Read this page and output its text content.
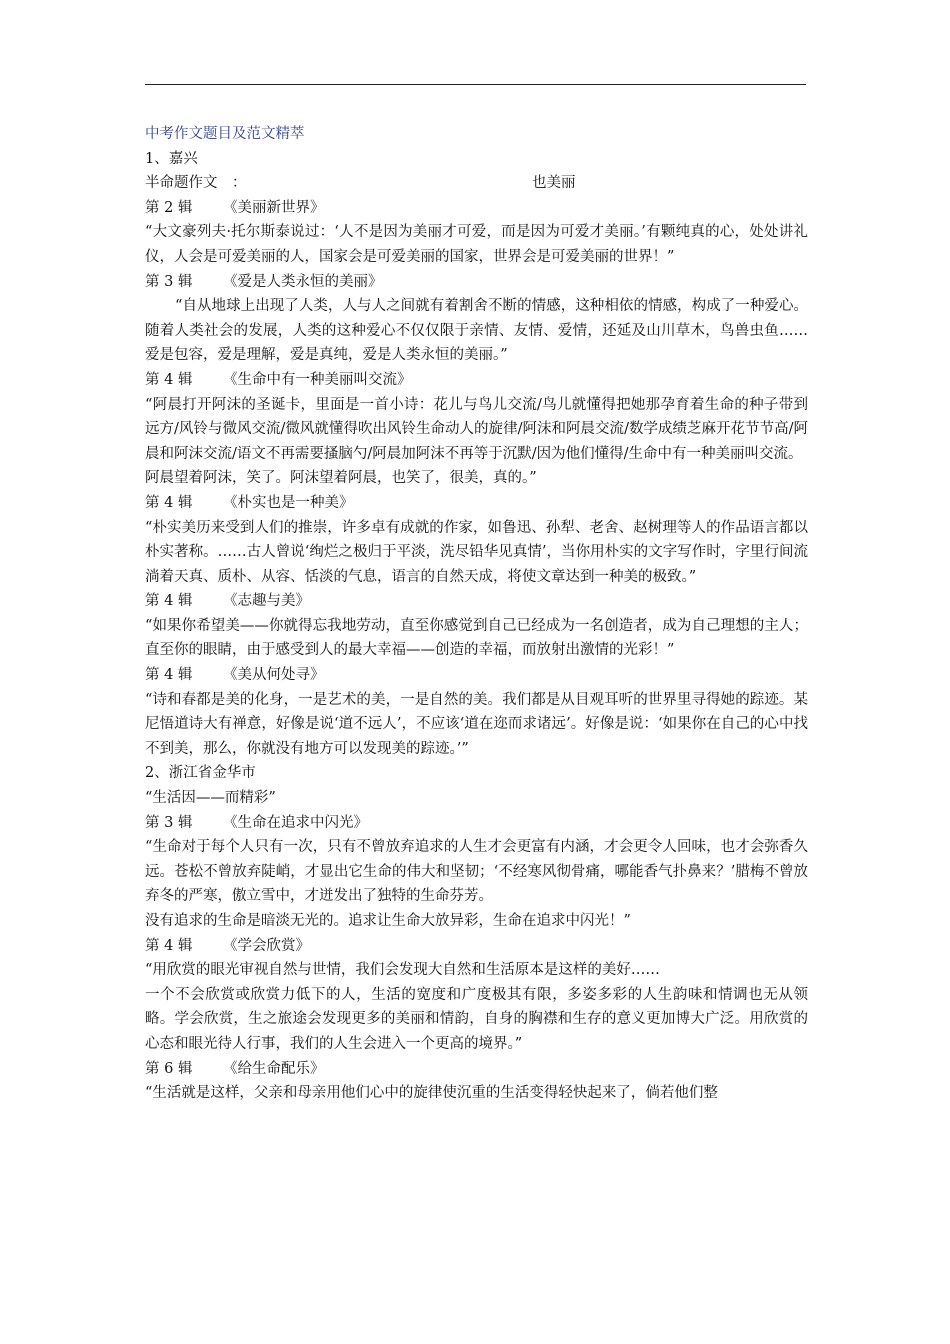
中考作文题目及范文精萃

1、嘉兴

半命题作文　：	也美丽

第 2 辑 《美丽新世界》

“大文豪列夫·托尔斯泰说过：‘人不是因为美丽才可爱，而是因为可爱才美丽。’有颗纯真的心，处处讲礼仪，人会是可爱美丽的人，国家会是可爱美丽的国家，世界会是可爱美丽的世界！”

第 3 辑 《爱是人类永恒的美丽》

“自从地球上出现了人类，人与人之间就有着割舍不断的情感，这种相依的情感，构成了一种爱心。随着人类社会的发展，人类的这种爱心不仅仅限于亲情、友情、爱情，还延及山川草木，鸟兽虫鱼……爱是包容，爱是理解，爱是真纯，爱是人类永恒的美丽。”

第 4 辑 《生命中有一种美丽叫交流》

“阿晨打开阿沫的圣诞卡，里面是一首小诗：花儿与鸟儿交流/鸟儿就懂得把她那孕育着生命的种子带到远方/风铃与微风交流/微风就懂得吹出风铃生命动人的旋律/阿沫和阿晨交流/数学成绩芝麻开花节节高/阿晨和阿沫交流/语文不再需要搔脑勺/阿晨加阿沫不再等于沉默/因为他们懂得/生命中有一种美丽叫交流。

阿晨望着阿沫，笑了。阿沫望着阿晨，也笑了，很美，真的。”

第 4 辑 《朴实也是一种美》

“朴实美历来受到人们的推崇，许多卓有成就的作家，如鲁迅、孙犁、老舍、赵树理等人的作品语言都以朴实著称。……古人曾说‘绚烂之极归于平淡，洗尽铅华见真情’，当你用朴实的文字写作时，字里行间流淌着天真、质朴、从容、恬淡的气息，语言的自然天成，将使文章达到一种美的极致。”

第 4 辑 《志趣与美》

“如果你希望美——你就得忘我地劳动，直至你感觉到自己已经成为一名创造者，成为自己理想的主人；直至你的眼睛，由于感受到人的最大幸福——创造的幸福，而放射出激情的光彩！”

第 4 辑 《美从何处寻》

“诗和春都是美的化身，一是艺术的美，一是自然的美。我们都是从目观耳听的世界里寻得她的踪迹。某尼悟道诗大有禅意，好像是说‘道不远人’，不应该‘道在迩而求诸远’。好像是说：‘如果你在自己的心中找不到美，那么，你就没有地方可以发现美的踪迹。’”

2、浙江省金华市

“生活因——而精彩”

第 3 辑 《生命在追求中闪光》

“生命对于每个人只有一次，只有不曾放弃追求的人生才会更富有内涵，才会更令人回味，也才会弥香久远。苍松不曾放弃陡峭，才显出它生命的伟大和坚韧；‘不经寒风彻骨痛，哪能香气扑鼻来？’腊梅不曾放弃冬的严寒，傲立雪中，才迸发出了独特的生命芬芳。

没有追求的生命是暗淡无光的。追求让生命大放异彩，生命在追求中闪光！”

第 4 辑 《学会欣赏》

“用欣赏的眼光审视自然与世情，我们会发现大自然和生活原本是这样的美好……

一个不会欣赏或欣赏力低下的人，生活的宽度和广度极其有限，多姿多彩的人生韵味和情调也无从领略。学会欣赏，生之旅途会发现更多的美丽和情韵，自身的胸襟和生存的意义更加博大广泛。用欣赏的心态和眼光待人行事，我们的人生会进入一个更高的境界。”

第 6 辑 《给生命配乐》

“生活就是这样，父亲和母亲用他们心中的旋律使沉重的生活变得轻快起来了，倘若他们整
